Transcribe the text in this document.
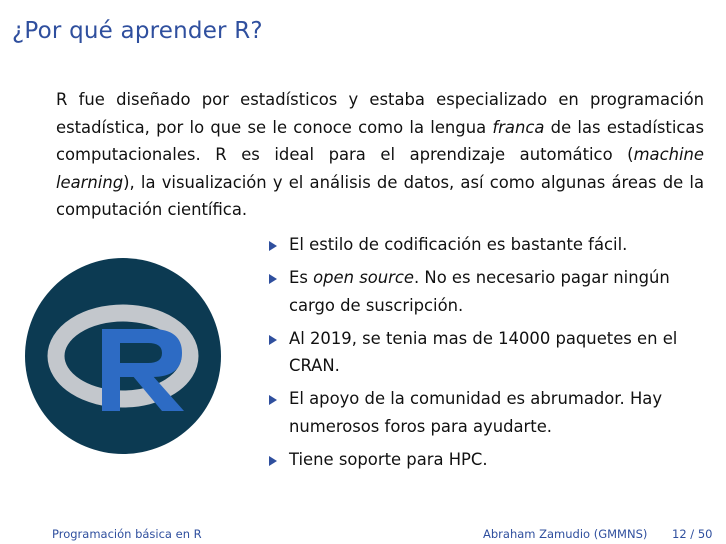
¿Por qué aprender R?

R fue diseñado por estadísticos y estaba especializado en programación estadística, por lo que se le conoce como la lengua franca de las estadísticas computacionales. R es ideal para el aprendizaje automático (machine learning), la visualización y el análisis de datos, así como algunas áreas de la computación científica.

El estilo de codificación es bastante fácil.
Es open source. No es necesario pagar ningún cargo de suscripción.
Al 2019, se tenia mas de 14000 paquetes en el CRAN.
El apoyo de la comunidad es abrumador. Hay numerosos foros para ayudarte.
Tiene soporte para HPC.
Programación básica en R	Abraham Zamudio (GMMNS) 12 / 50
